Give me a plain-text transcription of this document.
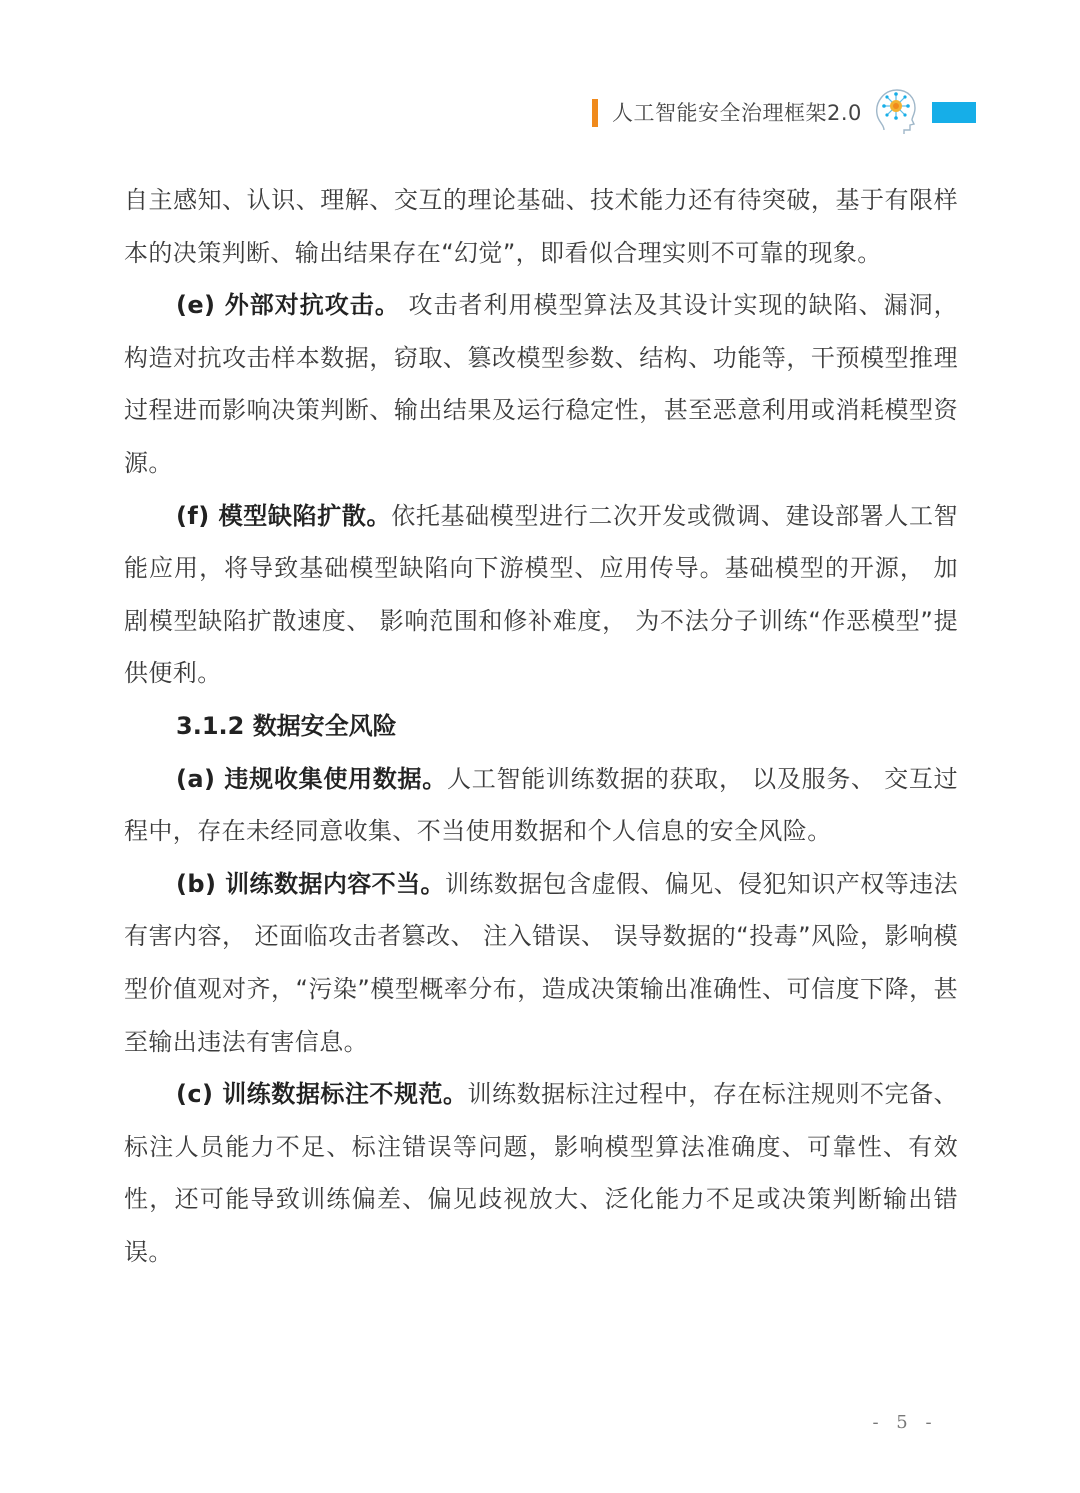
人工智能安全治理框架2.0

自主感知、认识、理解、交互的理论基础、技术能力还有待突破，基于有限样本的决策判断、输出结果存在“幻觉”，即看似合理实则不可靠的现象。

(e) 外部对抗攻击。 攻击者利用模型算法及其设计实现的缺陷、漏洞，构造对抗攻击样本数据，窃取、篡改模型参数、结构、功能等，干预模型推理过程进而影响决策判断、输出结果及运行稳定性，甚至恶意利用或消耗模型资源。

(f) 模型缺陷扩散。依托基础模型进行二次开发或微调、建设部署人工智能应用，将导致基础模型缺陷向下游模型、应用传导。基础模型的开源， 加剧模型缺陷扩散速度、 影响范围和修补难度， 为不法分子训练“作恶模型”提供便利。

3.1.2 数据安全风险

(a) 违规收集使用数据。人工智能训练数据的获取， 以及服务、 交互过程中，存在未经同意收集、不当使用数据和个人信息的安全风险。

(b) 训练数据内容不当。训练数据包含虚假、偏见、侵犯知识产权等违法有害内容， 还面临攻击者篡改、 注入错误、 误导数据的“投毒”风险，影响模型价值观对齐，“污染”模型概率分布，造成决策输出准确性、可信度下降，甚至输出违法有害信息。

(c) 训练数据标注不规范。训练数据标注过程中，存在标注规则不完备、标注人员能力不足、标注错误等问题，影响模型算法准确度、可靠性、有效性，还可能导致训练偏差、偏见歧视放大、泛化能力不足或决策判断输出错误。

- 5 -
